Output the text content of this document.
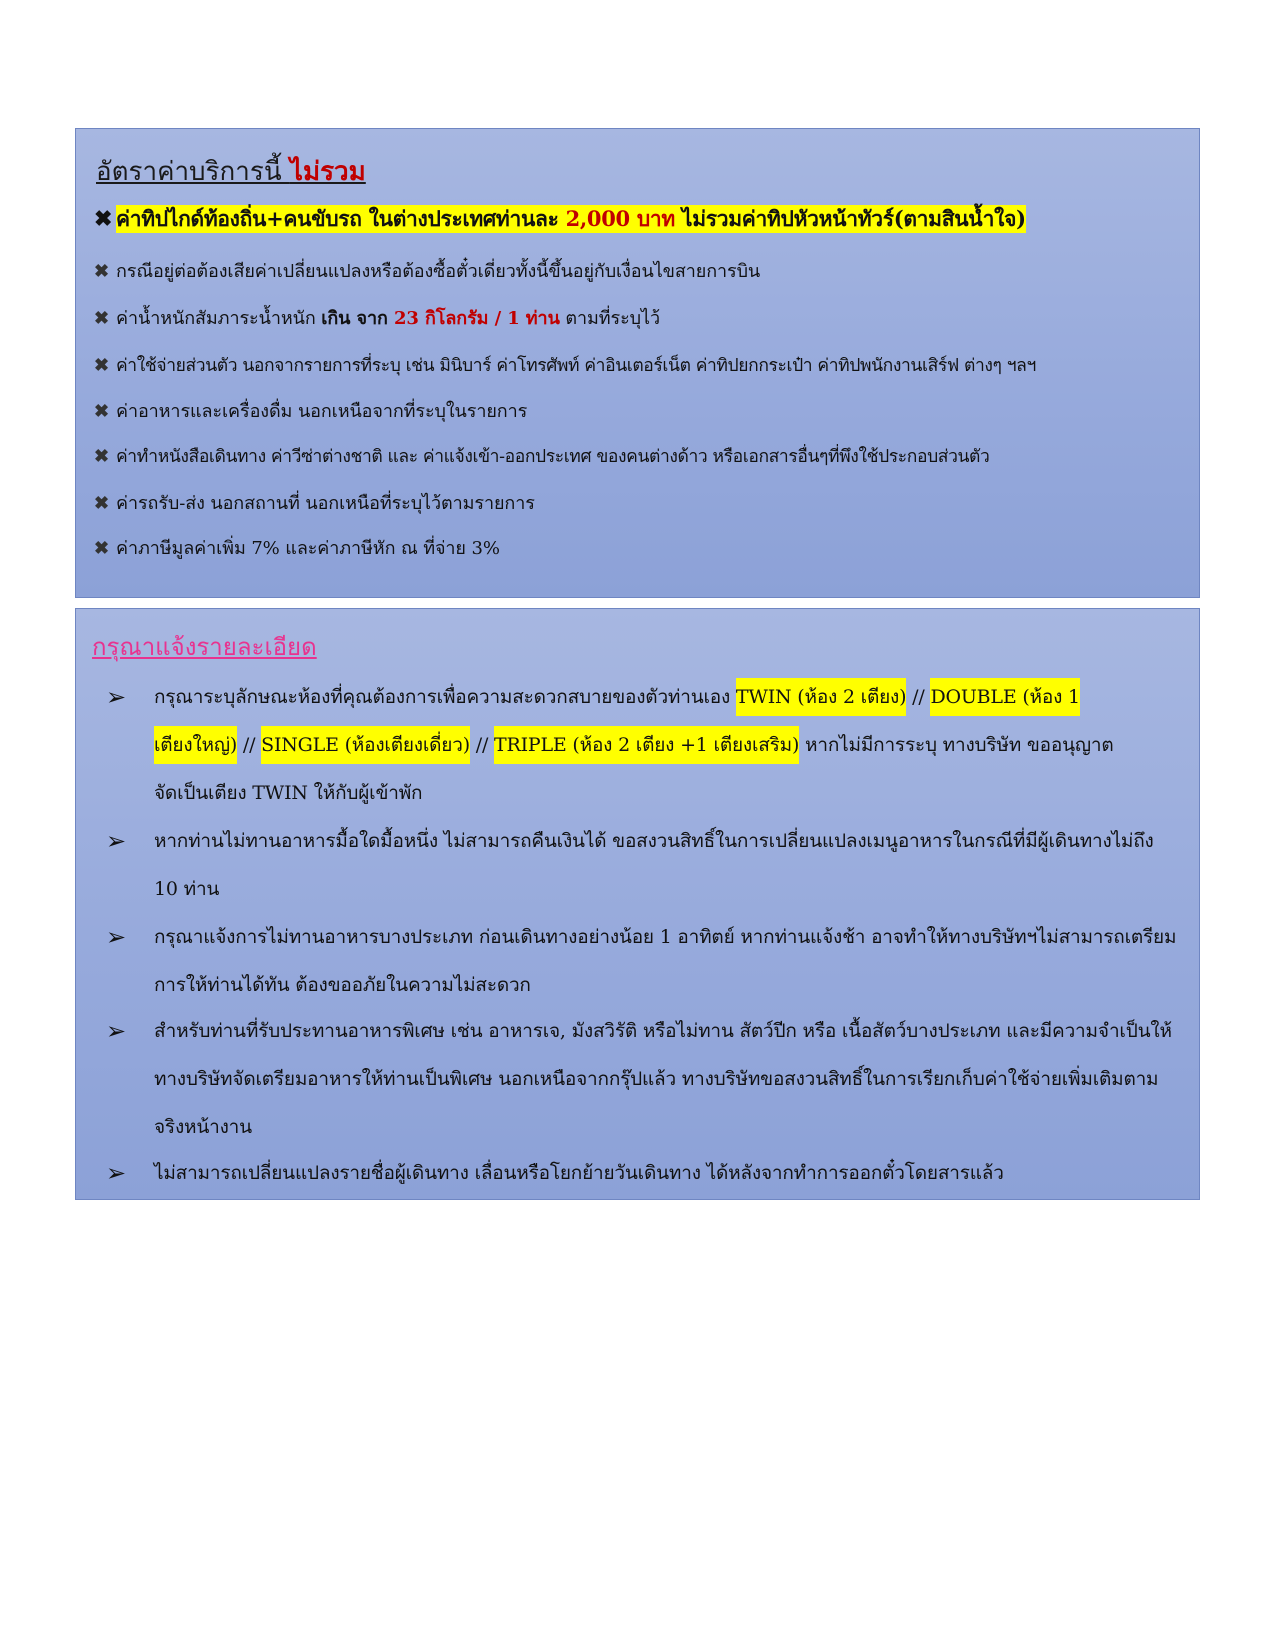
อัตราค่าบริการนี้ ไม่รวม
✖ ค่าทิปไกด์ท้องถิ่น+คนขับรถ ในต่างประเทศท่านละ 2,000 บาท ไม่รวมค่าทิปหัวหน้าทัวร์(ตามสินน้ำใจ)
✖ กรณีอยู่ต่อต้องเสียค่าเปลี่ยนแปลงหรือต้องซื้อตั๋วเดี่ยวทั้งนี้ขึ้นอยู่กับเงื่อนไขสายการบิน
✖ ค่าน้ำหนักสัมภาระน้ำหนัก เกิน จาก 23 กิโลกรัม / 1 ท่าน ตามที่ระบุไว้
✖ ค่าใช้จ่ายส่วนตัว นอกจากรายการที่ระบุ เช่น มินิบาร์ ค่าโทรศัพท์ ค่าอินเตอร์เน็ต ค่าทิปยกกระเป๋า ค่าทิปพนักงานเสิร์ฟ ต่างๆ ฯลฯ
✖ ค่าอาหารและเครื่องดื่ม นอกเหนือจากที่ระบุในรายการ
✖ ค่าทำหนังสือเดินทาง ค่าวีซ่าต่างชาติ และ ค่าแจ้งเข้า-ออกประเทศ ของคนต่างด้าว หรือเอกสารอื่นๆที่พึงใช้ประกอบส่วนตัว
✖ ค่ารถรับ-ส่ง นอกสถานที่ นอกเหนือที่ระบุไว้ตามรายการ
✖ ค่าภาษีมูลค่าเพิ่ม 7% และค่าภาษีหัก ณ ที่จ่าย 3%
กรุณาแจ้งรายละเอียด
➢	กรุณาระบุลักษณะห้องที่คุณต้องการเพื่อความสะดวกสบายของตัวท่านเอง TWIN (ห้อง 2 เตียง) // DOUBLE (ห้อง 1
เตียงใหญ่) // SINGLE (ห้องเตียงเดี่ยว) // TRIPLE (ห้อง 2 เตียง +1 เตียงเสริม) หากไม่มีการระบุ ทางบริษัท ขออนุญาต
จัดเป็นเตียง TWIN ให้กับผู้เข้าพัก
➢	หากท่านไม่ทานอาหารมื้อใดมื้อหนึ่ง ไม่สามารถคืนเงินได้ ขอสงวนสิทธิ์ในการเปลี่ยนแปลงเมนูอาหารในกรณีที่มีผู้เดินทางไม่ถึง 10 ท่าน
➢	กรุณาแจ้งการไม่ทานอาหารบางประเภท ก่อนเดินทางอย่างน้อย 1 อาทิตย์ หากท่านแจ้งช้า อาจทำให้ทางบริษัทฯไม่สามารถเตรียมการให้ท่านได้ทัน ต้องขออภัยในความไม่สะดวก
➢	สำหรับท่านที่รับประทานอาหารพิเศษ เช่น อาหารเจ, มังสวิรัติ หรือไม่ทาน สัตว์ปีก หรือ เนื้อสัตว์บางประเภท และมีความจำเป็นให้ทางบริษัทจัดเตรียมอาหารให้ท่านเป็นพิเศษ นอกเหนือจากกรุ๊ปแล้ว ทางบริษัทขอสงวนสิทธิ์ในการเรียกเก็บค่าใช้จ่ายเพิ่มเติมตามจริงหน้างาน
➢	ไม่สามารถเปลี่ยนแปลงรายชื่อผู้เดินทาง เลื่อนหรือโยกย้ายวันเดินทาง ได้หลังจากทำการออกตั๋วโดยสารแล้ว
